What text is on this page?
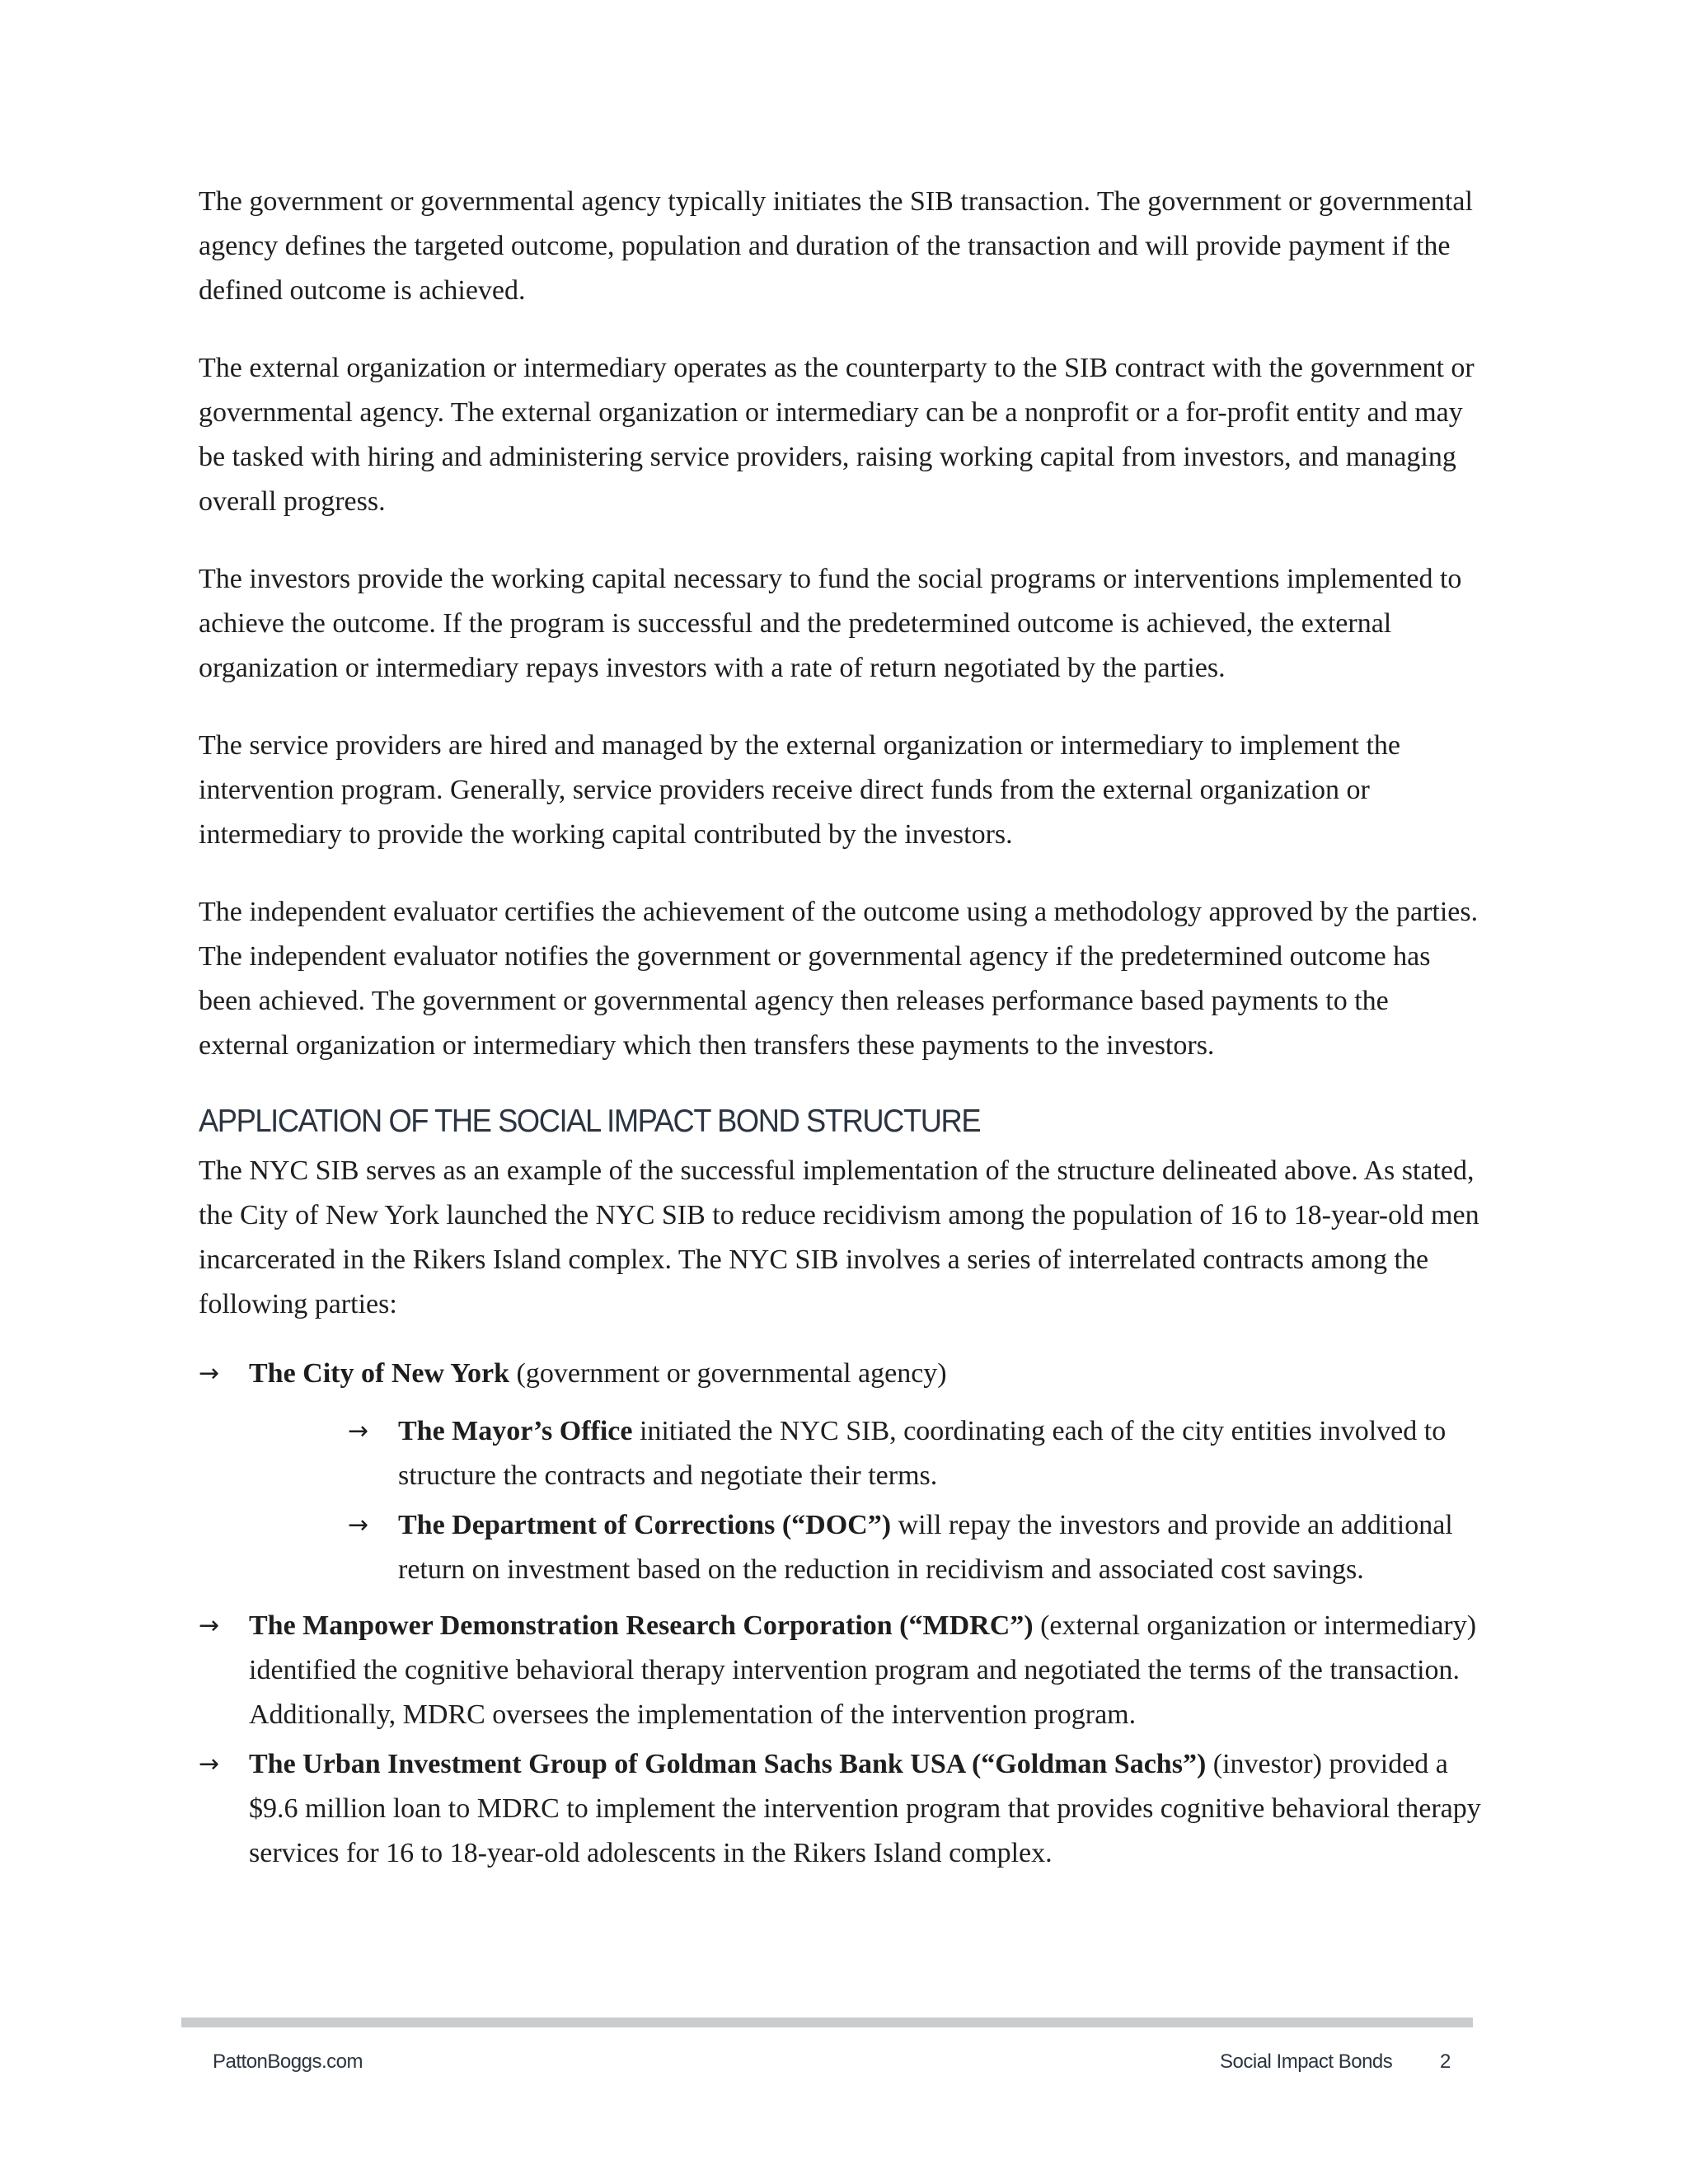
The government or governmental agency typically initiates the SIB transaction. The government or governmental agency defines the targeted outcome, population and duration of the transaction and will provide payment if the defined outcome is achieved.

The external organization or intermediary operates as the counterparty to the SIB contract with the government or governmental agency. The external organization or intermediary can be a nonprofit or a for-profit entity and may be tasked with hiring and administering service providers, raising working capital from investors, and managing overall progress.

The investors provide the working capital necessary to fund the social programs or interventions implemented to achieve the outcome. If the program is successful and the predetermined outcome is achieved, the external organization or intermediary repays investors with a rate of return negotiated by the parties.

The service providers are hired and managed by the external organization or intermediary to implement the intervention program. Generally, service providers receive direct funds from the external organization or intermediary to provide the working capital contributed by the investors.

The independent evaluator certifies the achievement of the outcome using a methodology approved by the parties. The independent evaluator notifies the government or governmental agency if the predetermined outcome has been achieved. The government or governmental agency then releases performance based payments to the external organization or intermediary which then transfers these payments to the investors.

APPLICATION OF THE SOCIAL IMPACT BOND STRUCTURE

The NYC SIB serves as an example of the successful implementation of the structure delineated above. As stated, the City of New York launched the NYC SIB to reduce recidivism among the population of 16 to 18-year-old men incarcerated in the Rikers Island complex. The NYC SIB involves a series of interrelated contracts among the following parties:

→ The City of New York (government or governmental agency)
→ The Mayor’s Office initiated the NYC SIB, coordinating each of the city entities involved to structure the contracts and negotiate their terms.
→ The Department of Corrections (“DOC”) will repay the investors and provide an additional return on investment based on the reduction in recidivism and associated cost savings.
→ The Manpower Demonstration Research Corporation (“MDRC”) (external organization or intermediary) identified the cognitive behavioral therapy intervention program and negotiated the terms of the transaction. Additionally, MDRC oversees the implementation of the intervention program.
→ The Urban Investment Group of Goldman Sachs Bank USA (“Goldman Sachs”) (investor) provided a $9.6 million loan to MDRC to implement the intervention program that provides cognitive behavioral therapy services for 16 to 18-year-old adolescents in the Rikers Island complex.
PattonBoggs.com	Social Impact Bonds 2
